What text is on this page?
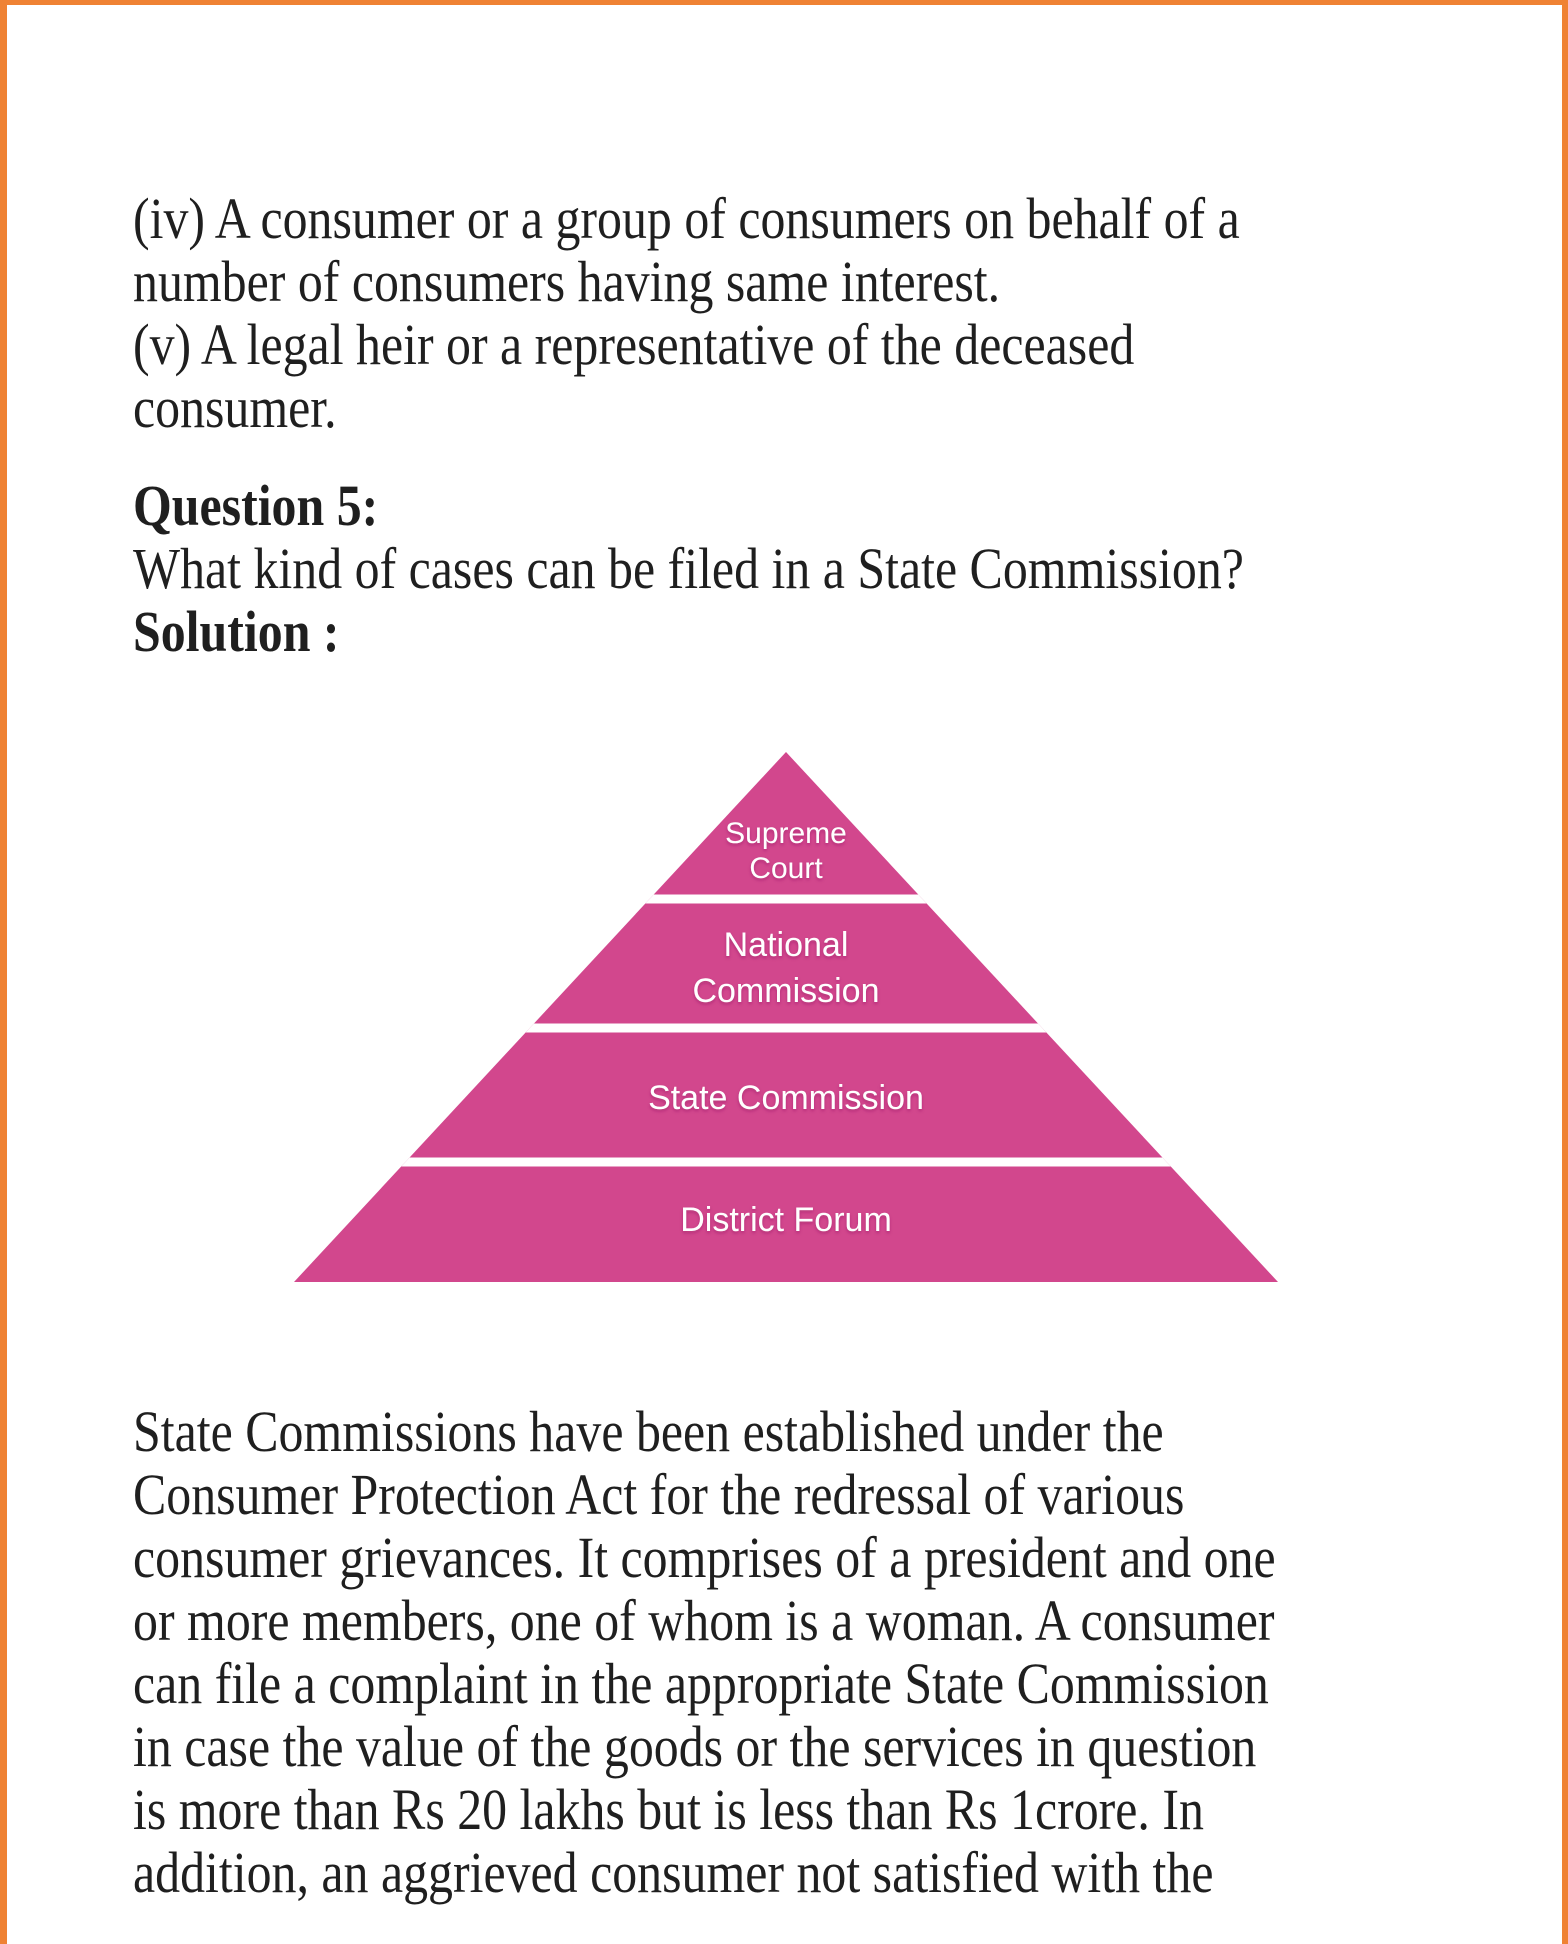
(iv) A consumer or a group of consumers on behalf of a
number of consumers having same interest.
(v) A legal heir or a representative of the deceased
consumer.
Question 5:
What kind of cases can be filed in a State Commission?
Solution :
Supreme
Court
National
Commission
State Commission
District Forum
State Commissions have been established under the
Consumer Protection Act for the redressal of various
consumer grievances. It comprises of a president and one
or more members, one of whom is a woman. A consumer
can file a complaint in the appropriate State Commission
in case the value of the goods or the services in question
is more than Rs 20 lakhs but is less than Rs 1crore. In
addition, an aggrieved consumer not satisfied with the
